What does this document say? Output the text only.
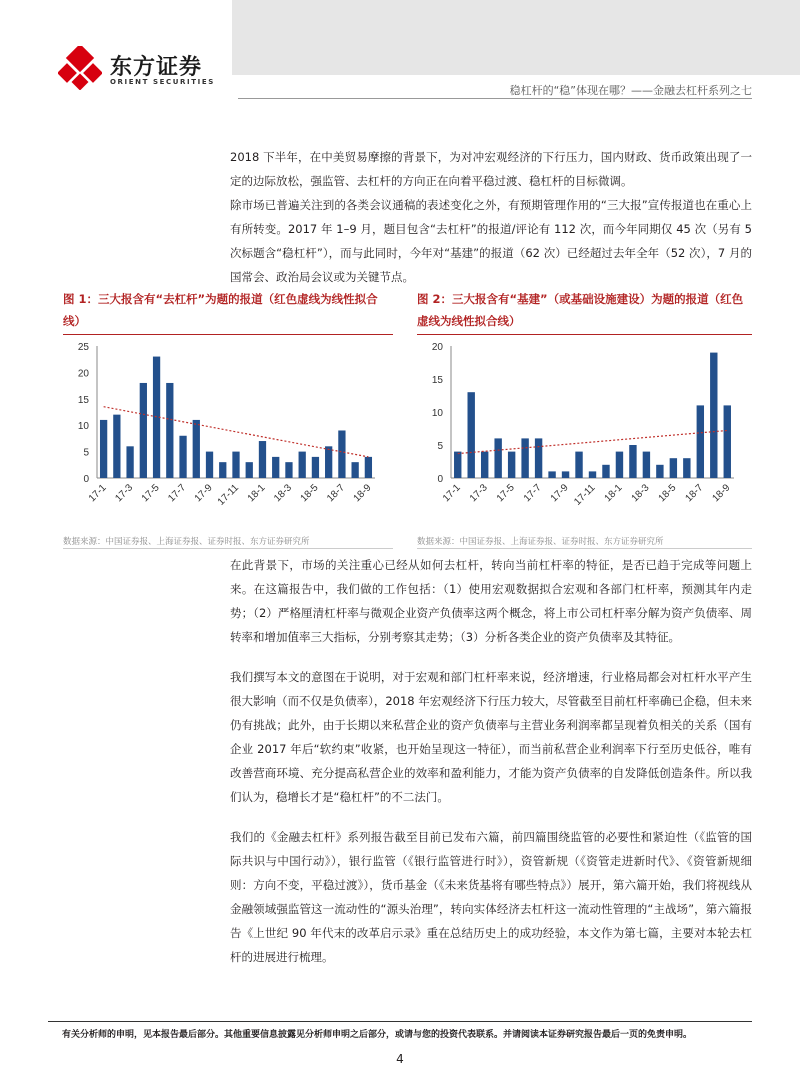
东方证券
ORIENT SECURITIES
稳杠杆的“稳”体现在哪？——金融去杠杆系列之七
2018 下半年，在中美贸易摩擦的背景下，为对冲宏观经济的下行压力，国内财政、货币政策出现了一定的边际放松，强监管、去杠杆的方向正在向着平稳过渡、稳杠杆的目标微调。
除市场已普遍关注到的各类会议通稿的表述变化之外，有预期管理作用的“三大报”宣传报道也在重心上有所转变。2017 年 1–9 月，题目包含“去杠杆”的报道/评论有 112 次，而今年同期仅 45 次（另有 5 次标题含“稳杠杆”），而与此同时，今年对“基建”的报道（62 次）已经超过去年全年（52 次），7 月的国常会、政治局会议或为关键节点。
图 1：三大报含有“去杠杆”为题的报道（红色虚线为线性拟合线）
0
5
10
15
20
25
17-1 17-3 17-5 17-7 17-9 17-11 18-1 18-3 18-5 18-7 18-9
数据来源：中国证券报、上海证券报、证券时报、东方证券研究所
图 2：三大报含有“基建”（或基础设施建设）为题的报道（红色虚线为线性拟合线）
0
5
10
15
20
17-1 17-3 17-5 17-7 17-9 17-11 18-1 18-3 18-5 18-7 18-9
数据来源：中国证券报、上海证券报、证券时报、东方证券研究所
在此背景下，市场的关注重心已经从如何去杠杆，转向当前杠杆率的特征，是否已趋于完成等问题上来。在这篇报告中，我们做的工作包括：（1）使用宏观数据拟合宏观和各部门杠杆率，预测其年内走势；（2）严格厘清杠杆率与微观企业资产负债率这两个概念，将上市公司杠杆率分解为资产负债率、周转率和增加值率三大指标，分别考察其走势；（3）分析各类企业的资产负债率及其特征。
我们撰写本文的意图在于说明，对于宏观和部门杠杆率来说，经济增速，行业格局都会对杠杆水平产生很大影响（而不仅是负债率），2018 年宏观经济下行压力较大，尽管截至目前杠杆率确已企稳，但未来仍有挑战；此外，由于长期以来私营企业的资产负债率与主营业务利润率都呈现着负相关的关系（国有企业 2017 年后“软约束”收紧，也开始呈现这一特征），而当前私营企业利润率下行至历史低谷，唯有改善营商环境、充分提高私营企业的效率和盈利能力，才能为资产负债率的自发降低创造条件。所以我们认为，稳增长才是“稳杠杆”的不二法门。
我们的《金融去杠杆》系列报告截至目前已发布六篇，前四篇围绕监管的必要性和紧迫性（《监管的国际共识与中国行动》），银行监管（《银行监管进行时》），资管新规（《资管走进新时代》、《资管新规细则：方向不变，平稳过渡》），货币基金（《未来货基将有哪些特点》）展开，第六篇开始，我们将视线从金融领域强监管这一流动性的“源头治理”，转向实体经济去杠杆这一流动性管理的“主战场”，第六篇报告《上世纪 90 年代末的改革启示录》重在总结历史上的成功经验，本文作为第七篇，主要对本轮去杠杆的进展进行梳理。
有关分析师的申明，见本报告最后部分。其他重要信息披露见分析师申明之后部分，或请与您的投资代表联系。并请阅读本证券研究报告最后一页的免责申明。
4
